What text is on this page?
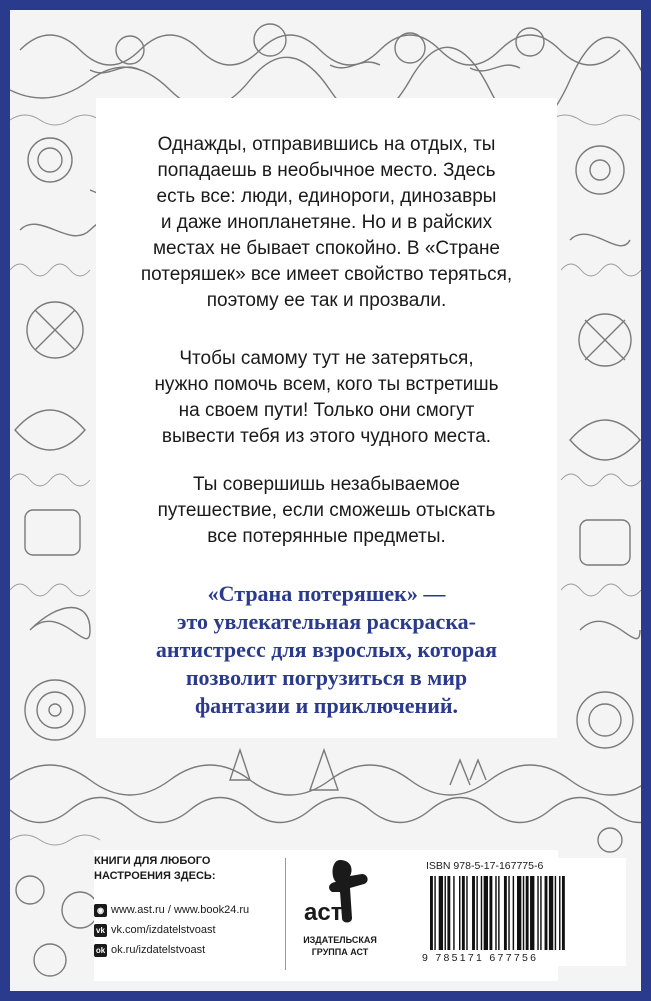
Однажды, отправившись на отдых, ты
попадаешь в необычное место. Здесь
есть все: люди, единороги, динозавры
и даже инопланетяне. Но и в райских
местах не бывает спокойно. В «Стране
потеряшек» все имеет свойство теряться,
поэтому ее так и прозвали.
Чтобы самому тут не затеряться,
нужно помочь всем, кого ты встретишь
на своем пути! Только они смогут
вывести тебя из этого чудного места.
Ты совершишь незабываемое
путешествие, если сможешь отыскать
все потерянные предметы.
«Страна потеряшек» —
это увлекательная раскраска-
антистресс для взрослых, которая
позволит погрузиться в мир
фантазии и приключений.
КНИГИ ДЛЯ ЛЮБОГО
НАСТРОЕНИЯ ЗДЕСЬ:
◉ www.ast.ru / www.book24.ru
vk vk.com/izdatelstvoast
ok ok.ru/izdatelstvoast
aст
ИЗДАТЕЛЬСКАЯ
ГРУППА АСТ
ISBN 978-5-17-167775-6
9 785171 677756
